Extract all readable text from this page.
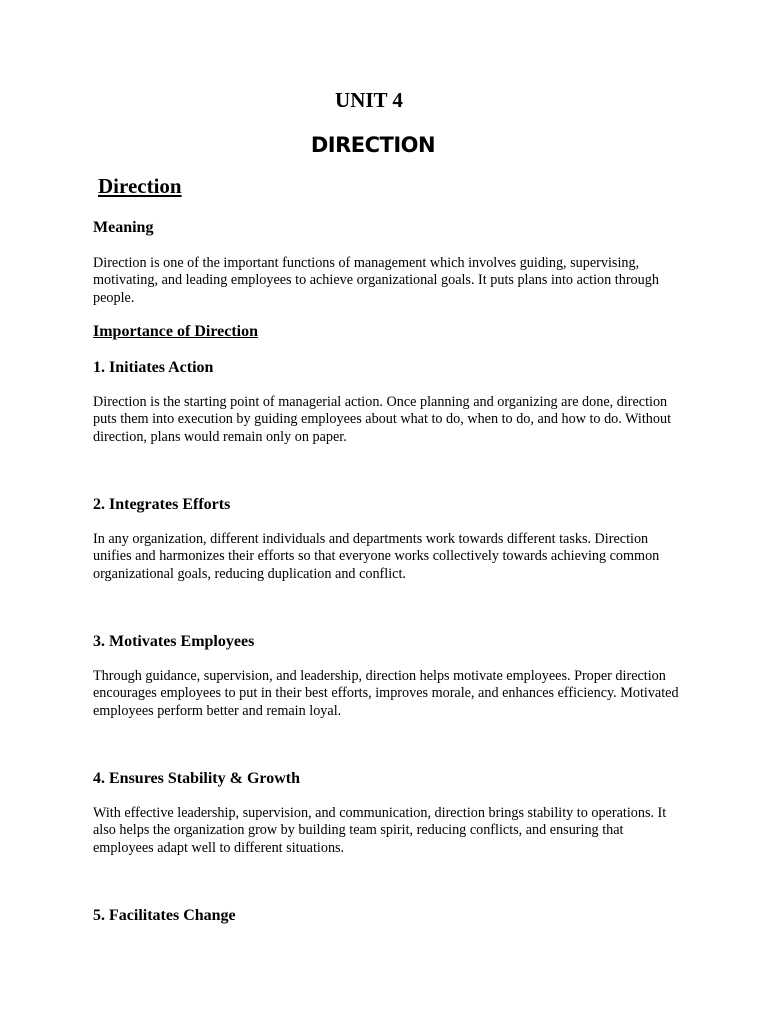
UNIT 4
DIRECTION
Direction
Meaning

Direction is one of the important functions of management which involves guiding, supervising, motivating, and leading employees to achieve organizational goals. It puts plans into action through people.

Importance of Direction
1. Initiates Action

Direction is the starting point of managerial action. Once planning and organizing are done, direction puts them into execution by guiding employees about what to do, when to do, and how to do. Without direction, plans would remain only on paper.

2. Integrates Efforts

In any organization, different individuals and departments work towards different tasks. Direction unifies and harmonizes their efforts so that everyone works collectively towards achieving common organizational goals, reducing duplication and conflict.

3. Motivates Employees

Through guidance, supervision, and leadership, direction helps motivate employees. Proper direction encourages employees to put in their best efforts, improves morale, and enhances efficiency. Motivated employees perform better and remain loyal.

4. Ensures Stability & Growth

With effective leadership, supervision, and communication, direction brings stability to operations. It also helps the organization grow by building team spirit, reducing conflicts, and ensuring that employees adapt well to different situations.

5. Facilitates Change
